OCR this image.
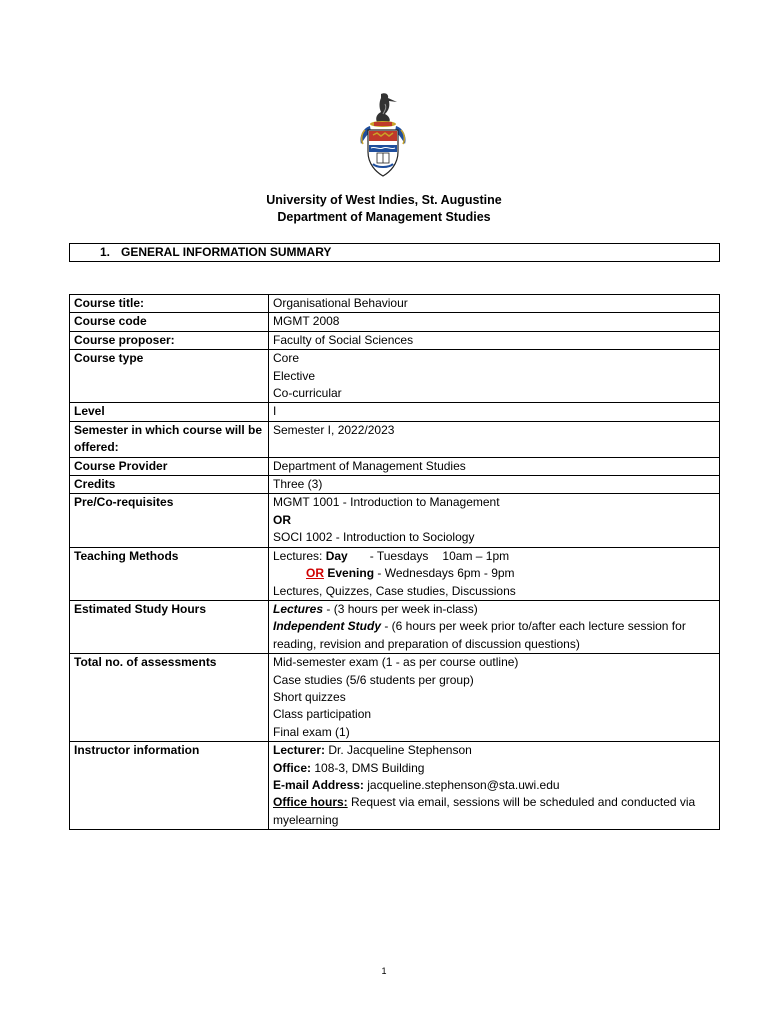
University of West Indies, St. Augustine
Department of Management Studies
1. GENERAL INFORMATION SUMMARY
Course title:	Organisational Behaviour
Course code	MGMT 2008
Course proposer:	Faculty of Social Sciences
Course type	Core
Elective
Co-curricular

Level	I
Semester in which course will be offered:	Semester I, 2022/2023
Course Provider	Department of Management Studies
Credits	Three (3)
Pre/Co-requisites	MGMT 1001 - Introduction to Management
OR
SOCI 1002 - Introduction to Sociology

Teaching Methods	Lectures: Day - Tuesdays 10am – 1pm
OR Evening - Wednesdays 6pm - 9pm
Lectures, Quizzes, Case studies, Discussions

Estimated Study Hours	Lectures - (3 hours per week in-class)
Independent Study - (6 hours per week prior to/after each lecture session for reading, revision and preparation of discussion questions)

Total no. of assessments	Mid-semester exam (1 - as per course outline)
Case studies (5/6 students per group)
Short quizzes
Class participation
Final exam (1)

Instructor information	Lecturer: Dr. Jacqueline Stephenson
Office: 108-3, DMS Building
E-mail Address: jacqueline.stephenson@sta.uwi.edu
Office hours: Request via email, sessions will be scheduled and conducted via myelearning
1
